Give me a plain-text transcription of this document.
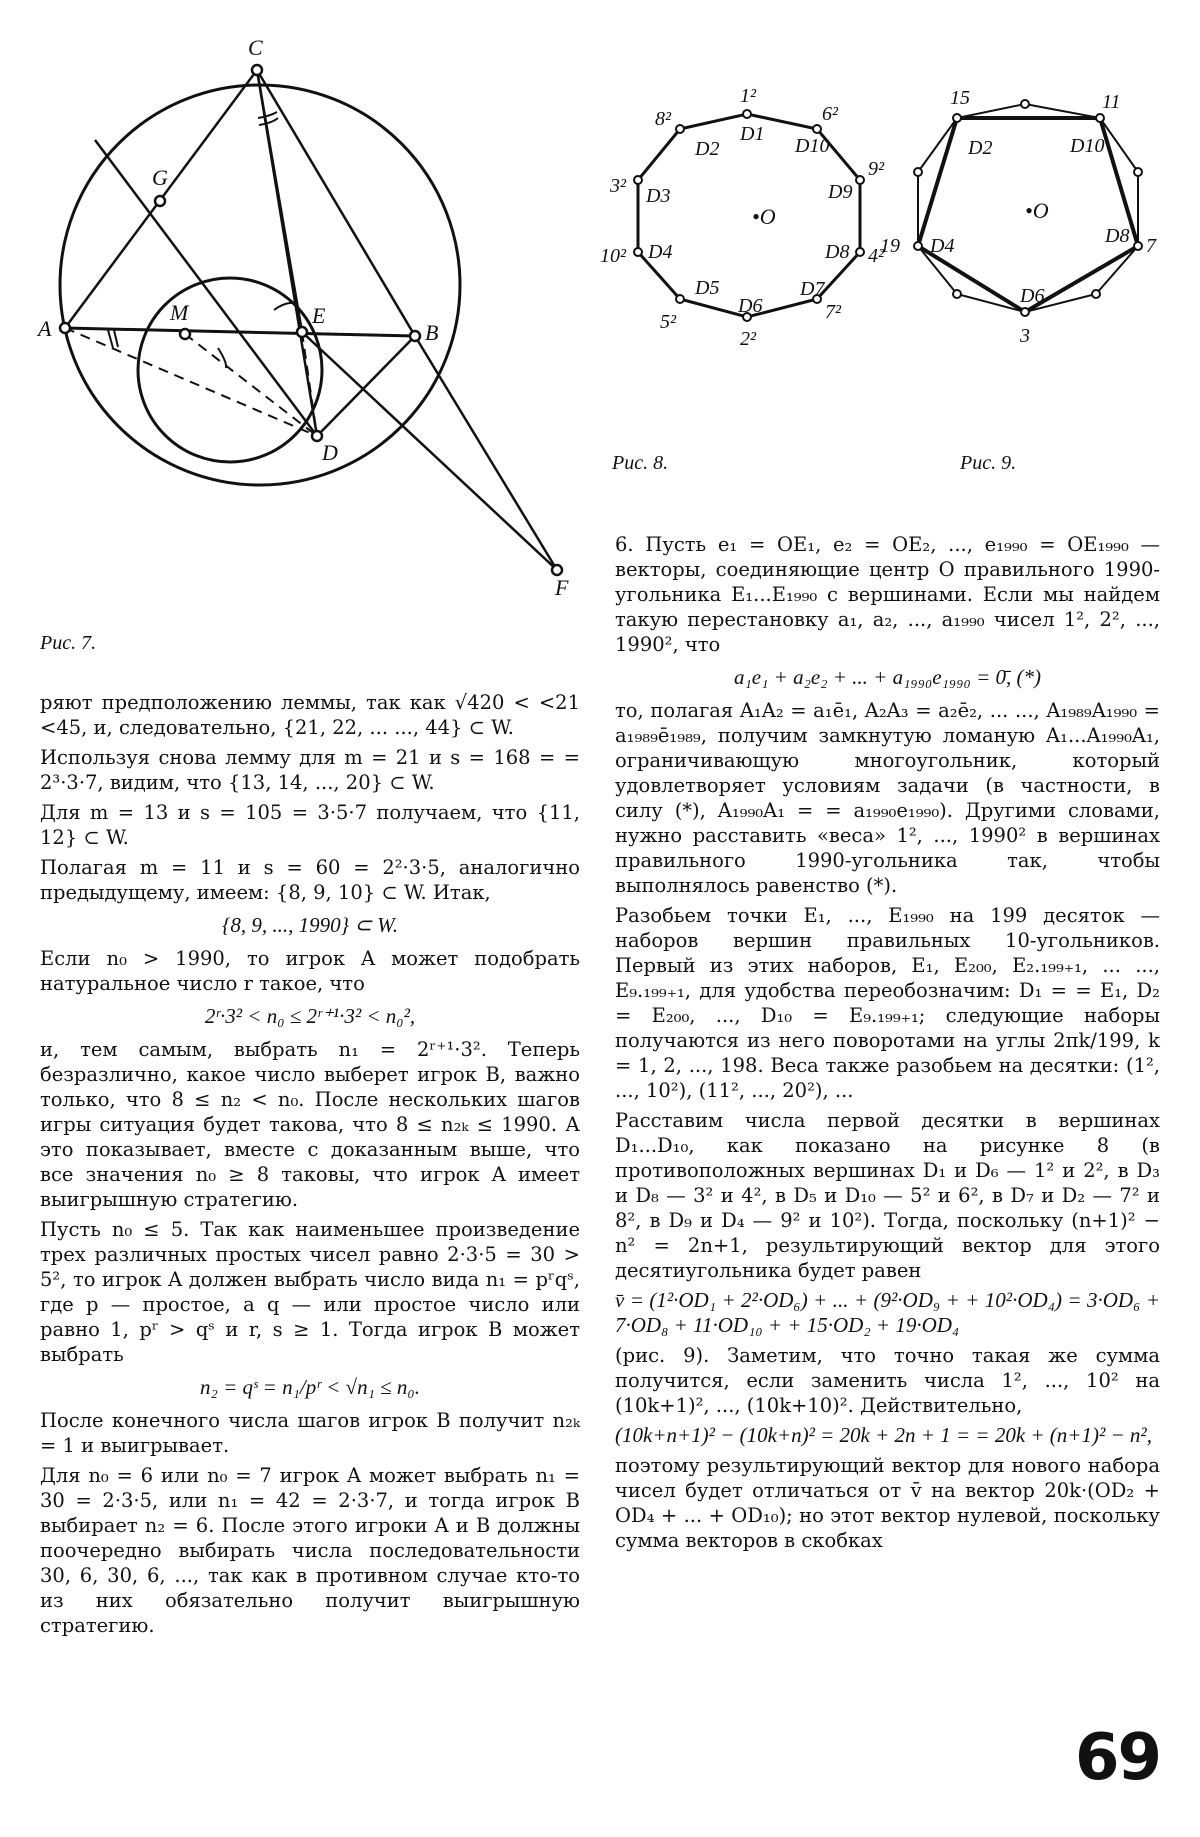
C
G
A
M	E
B
D
F
Рис. 7.
•O
D1
D10
D9
D8
D7
D6
D5
D4
D3
D2
1²
6²
9²
4²
7²
2²
5²
10²
3²
8²
Рис. 8.
•O
D2	D10
D8
D6
D4
15	11
7
3
19
Рис. 9.

ряют предположению леммы, так как √420 < <21 <45, и, следовательно, {21, 22, ... ..., 44} ⊂ W.

Используя снова лемму для m = 21 и s = 168 = = 2³·3·7, видим, что {13, 14, ..., 20} ⊂ W.

Для m = 13 и s = 105 = 3·5·7 получаем, что {11, 12} ⊂ W.

Полагая m = 11 и s = 60 = 2²·3·5, аналогично предыдущему, имеем: {8, 9, 10} ⊂ W. Итак,

{8, 9, ..., 1990} ⊂ W.

Если n₀ > 1990, то игрок A может подобрать натуральное число r такое, что

2ʳ·3² < n₀ ≤ 2ʳ⁺¹·3² < n₀²,

и, тем самым, выбрать n₁ = 2ʳ⁺¹·3². Теперь безразлично, какое число выберет игрок B, важно только, что 8 ≤ n₂ < n₀. После нескольких шагов игры ситуация будет такова, что 8 ≤ n₂ₖ ≤ 1990. А это показывает, вместе с доказанным выше, что все значения n₀ ≥ 8 таковы, что игрок A имеет выигрышную стратегию.

Пусть n₀ ≤ 5. Так как наименьшее произведение трех различных простых чисел равно 2·3·5 = 30 > 5², то игрок A должен выбрать число вида n₁ = pʳqˢ, где p — простое, а q — или простое число или равно 1, pʳ > qˢ и r, s ≥ 1. Тогда игрок B может выбрать

n₂ = qˢ = n₁/pʳ < √n₁ ≤ n₀.

После конечного числа шагов игрок B получит n₂ₖ = 1 и выигрывает.

Для n₀ = 6 или n₀ = 7 игрок A может выбрать n₁ = 30 = 2·3·5, или n₁ = 42 = 2·3·7, и тогда игрок B выбирает n₂ = 6. После этого игроки A и B должны поочередно выбирать числа последовательности 30, 6, 30, 6, ..., так как в противном случае кто-то из них обязательно получит выигрышную стратегию.

6. Пусть e₁ = OE₁, e₂ = OE₂, ..., e₁₉₉₀ = OE₁₉₉₀ — векторы, соединяющие центр O правильного 1990-угольника E₁...E₁₉₉₀ с вершинами. Если мы найдем такую перестановку a₁, a₂, ..., a₁₉₉₀ чисел 1², 2², ..., 1990², что

a₁e₁ + a₂e₂ + ... + a₁₉₉₀e₁₉₉₀ = 0̄, (*)

то, полагая A₁A₂ = a₁ē₁, A₂A₃ = a₂ē₂, ... ..., A₁₉₈₉A₁₉₉₀ = a₁₉₈₉ē₁₉₈₉, получим замкнутую ломаную A₁...A₁₉₉₀A₁, ограничивающую многоугольник, который удовлетворяет условиям задачи (в частности, в силу (*), A₁₉₉₀A₁ = = a₁₉₉₀e₁₉₉₀). Другими словами, нужно расставить «веса» 1², ..., 1990² в вершинах правильного 1990-угольника так, чтобы выполнялось равенство (*).

Разобьем точки E₁, ..., E₁₉₉₀ на 199 десяток — наборов вершин правильных 10-угольников. Первый из этих наборов, E₁, E₂₀₀, E₂.₁₉₉₊₁, ... ..., E₉.₁₉₉₊₁, для удобства переобозначим: D₁ = = E₁, D₂ = E₂₀₀, ..., D₁₀ = E₉.₁₉₉₊₁; следующие наборы получаются из него поворотами на углы 2πk/199, k = 1, 2, ..., 198. Веса также разобьем на десятки: (1², ..., 10²), (11², ..., 20²), ...

Расставим числа первой десятки в вершинах D₁...D₁₀, как показано на рисунке 8 (в противоположных вершинах D₁ и D₆ — 1² и 2², в D₃ и D₈ — 3² и 4², в D₅ и D₁₀ — 5² и 6², в D₇ и D₂ — 7² и 8², в D₉ и D₄ — 9² и 10²). Тогда, поскольку (n+1)² − n² = 2n+1, результирующий вектор для этого десятиугольника будет равен

v̄ = (1²·OD₁ + 2²·OD₆) + ... + (9²·OD₉ + + 10²·OD₄) = 3·OD₆ + 7·OD₈ + 11·OD₁₀ + + 15·OD₂ + 19·OD₄

(рис. 9). Заметим, что точно такая же сумма получится, если заменить числа 1², ..., 10² на (10k+1)², ..., (10k+10)². Действительно,

(10k+n+1)² − (10k+n)² = 20k + 2n + 1 = = 20k + (n+1)² − n²,

поэтому результирующий вектор для нового набора чисел будет отличаться от v̄ на вектор 20k·(OD₂ + OD₄ + ... + OD₁₀); но этот вектор нулевой, поскольку сумма векторов в скобках

69
